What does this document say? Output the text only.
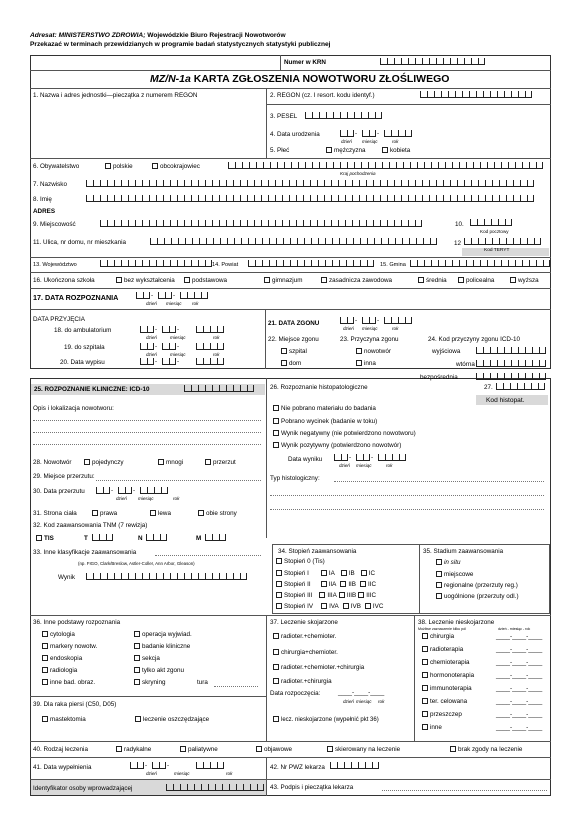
Adresat: MINISTERSTWO ZDROWIA; Wojewódzkie Biuro Rejestracji Nowotworów
Przekazać w terminach przewidzianych w programie badań statystycznych statystyki publicznej
Numer w KRN
MZ/N-1a KARTA ZGŁOSZENIA NOWOTWORU ZŁOŚLIWEGO
1. Nazwa i adres jednostki—pieczątka z numerem REGON	2. REGON (cz. I resort. kodu identyf.)
3. PESEL
4. Data urodzenia	-	-
dzień miesiąc	rok
5. Płeć	mężczyzna	kobieta
6. Obywatelstwo	polskie	obcokrajowiec
Kraj pochodzenia
7. Nazwisko
8. Imię
ADRES
9. Miejscowość	10.
Kod pocztowy
11. Ulica, nr domu, nr mieszkania	12
Kod TERYT
13. Województwo	14. Powiat	15. Gmina
16. Ukończona szkoła	bez wykształcenia	podstawowa	gimnazjum	zasadnicza zawodowa	średnia	policealna	wyższa
17. DATA ROZPOZNANIA	-	-
dzień miesiąc rok
DATA PRZYJĘCIA
18. do ambulatorium	-	-
dzień	miesiąc	rok
19. do szpitala	-	-
dzień	miesiąc	rok
20. Data wypisu	-	-
21. DATA ZGONU	-	-
dzień miesiąc	rok
22. Miejsce zgonu
szpital
dom
23. Przyczyna zgonu
nowotwór
inna
24. Kod przyczyny zgonu ICD-10
wyjściowa
wtórna
bezpośrednia
25. ROZPOZNANIE KLINICZNE: ICD-10
Opis i lokalizacja nowotworu:
26. Rozpoznanie histopatologiczne	27.
Kod histopat.
Nie pobrano materiału do badania
Pobrano wycinek (badanie w toku)
Wynik negatywny (nie potwierdzono nowotworu)
Wynik pozytywny (potwierdzono nowotwór)
Data wyniku	-	-
dzień miesiąc	rok
Typ histologiczny:
28. Nowotwór	pojedynczy	mnogi	przerzut
29. Miejsce przerzutu:
30. Data przerzutu	-	-
dzień miesiąc	rok
31. Strona ciała	prawa	lewa	obie strony
32. Kod zaawansowania TNM (7 rewizja)
TIS	T	N	M
33. Inne klasyfikacje zaawansowania
(np. FIGO, Clark/Breslow, Astler-Coller, Ann Arbor, Gleason)
Wynik
34. Stopień zaawansowania
Stopień 0 (Tis)
Stopień I	IA IB IC
Stopień II	IIA IIB IIC
Stopień III IIIA IIIB IIIC
Stopień IV	IVA IVB IVC
35. Stadium zaawansowania
in situ
miejscowe
regionalne (przerzuty reg.)
uogólnione (przerzuty odl.)
36. Inne podstawy rozpoznania
cytologia
markery nowotw.
endoskopia
radiologia
inne bad. obraz.
operacja wyjwiad.
badanie kliniczne
sekcja
tylko akt zgonu
skryning	tura
39. Dla raka piersi (C50, D05)
mastektomia	leczenie oszczędzające
37. Leczenie skojarzone
radioter.+chemioter.
chirurgia+chemioter.
radioter.+chemioter.+chirurgia
radioter.+chirurgia
Data rozpoczęcia:	____-____-____
dzień miesiąc rok
lecz. nieskojarzone (wypełnić pkt 36)
38. Leczenie nieskojarzone
Możliwe zaznaczenie kilku pól	dzień - miesiąc - rok
chirurgia	____-____-____
radioterapia	____-____-____
chemioterapia	____-____-____
hormonoterapia	____-____-____
immunoterapia	____-____-____
ter. celowana	____-____-____
przeszczep	____-____-____
inne	____-____-____
40. Rodzaj leczenia	radykalne	paliatywne	objawowe	skierowany na leczenie	brak zgody na leczenie
41. Data wypełnienia	-	-
dzień	miesiąc	rok
42. Nr PWZ lekarza
Identyfikator osoby wprowadzającej	43. Podpis i pieczątka lekarza
